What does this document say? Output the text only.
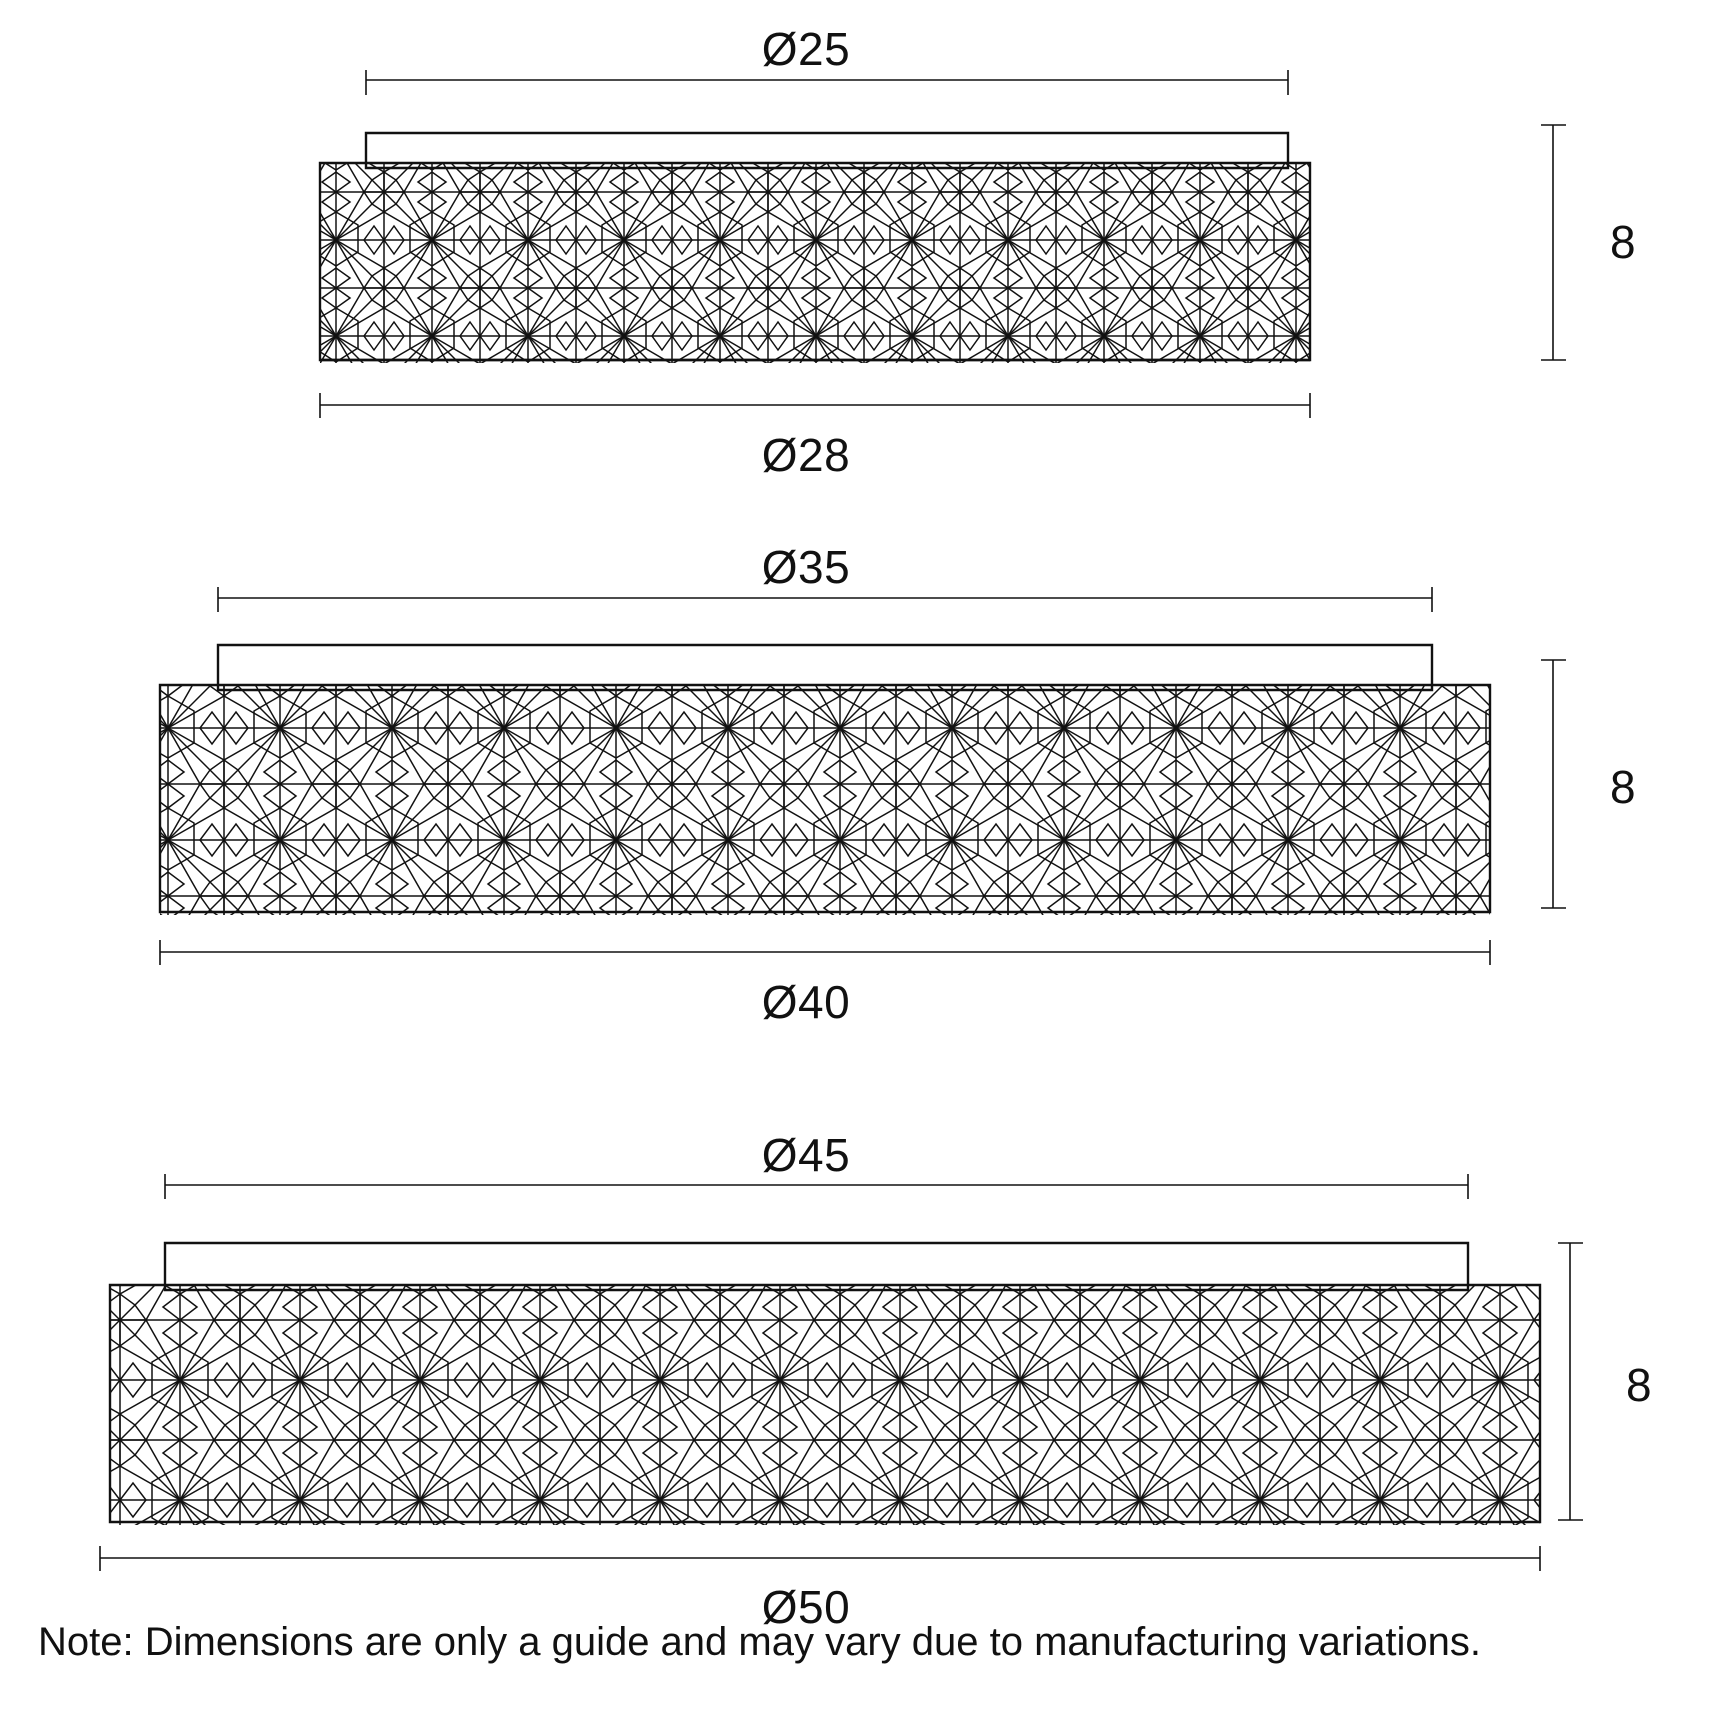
Ø25
Ø28
8
Ø35
Ø40
8
Ø45
Ø50
8
Note: Dimensions are only a guide and may vary due to manufacturing variations.
